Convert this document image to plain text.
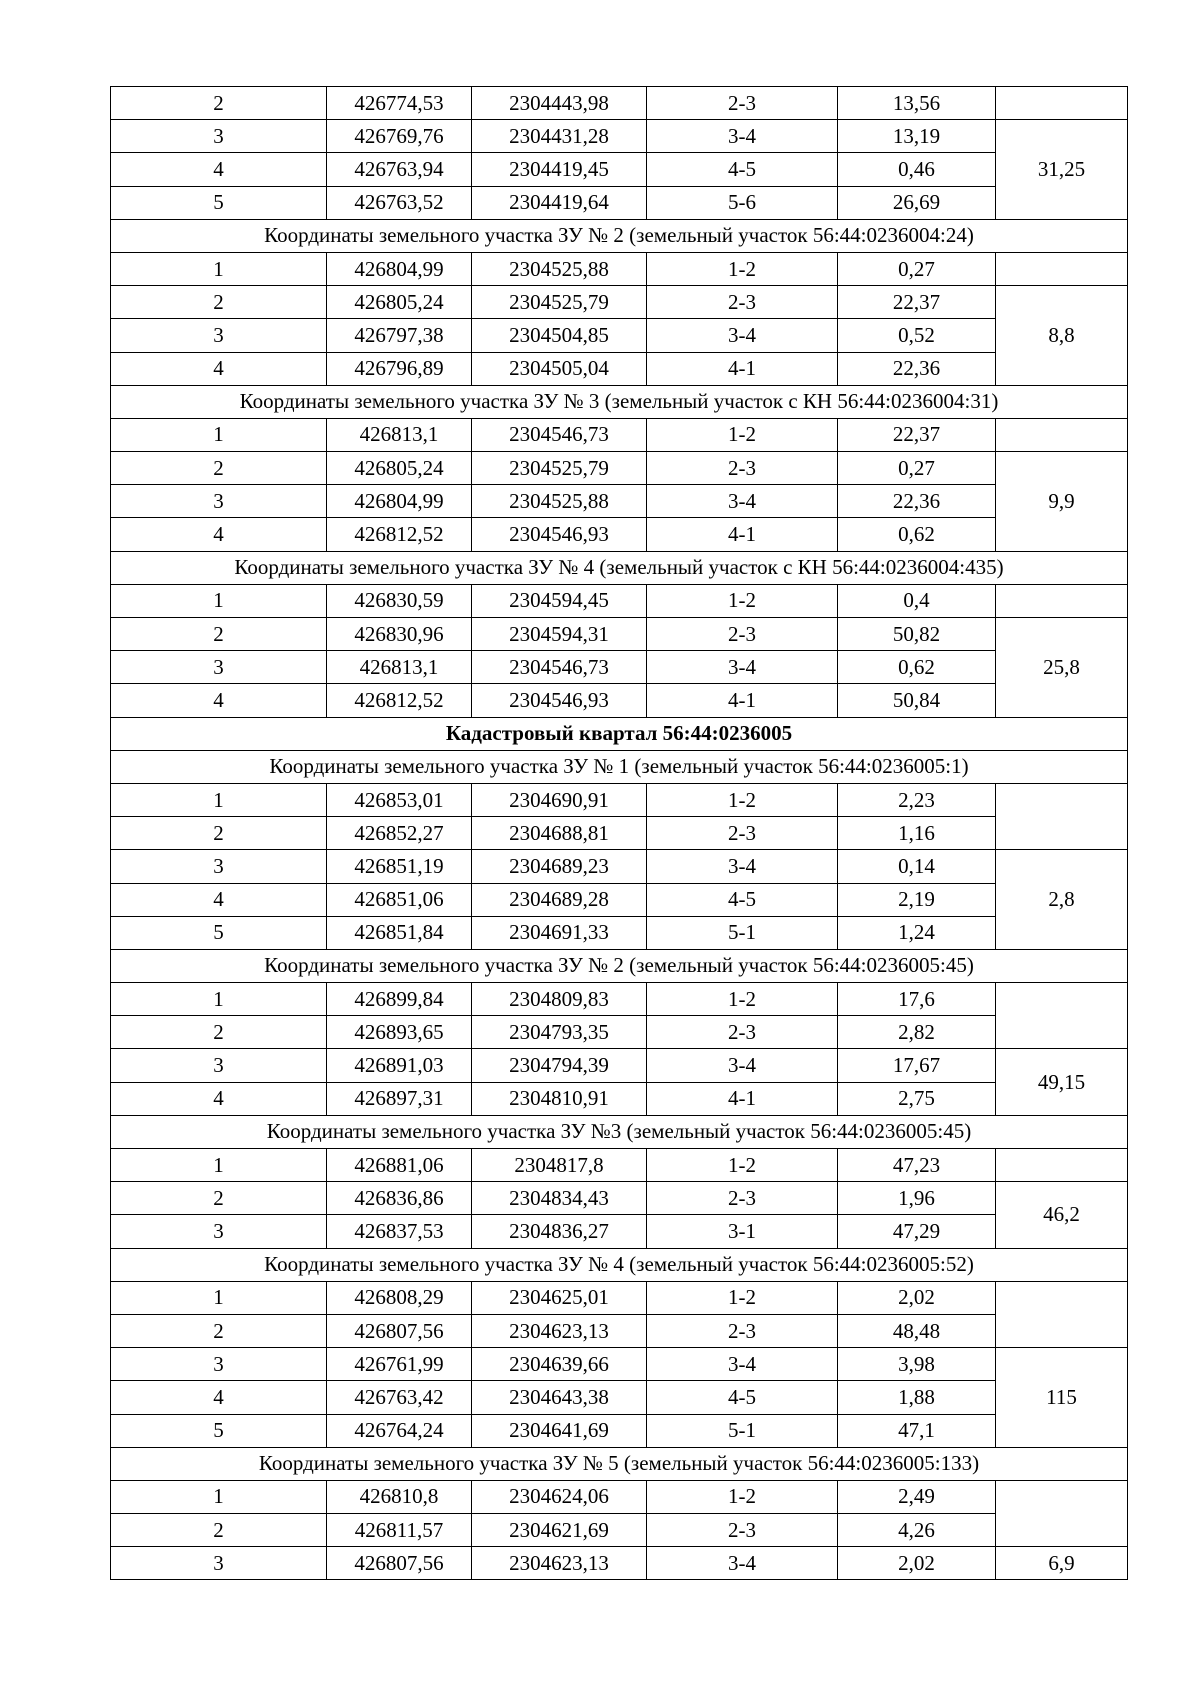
2	426774,53	2304443,98	2-3	13,56	
3	426769,76	2304431,28	3-4	13,19	31,25
4	426763,94	2304419,45	4-5	0,46	
5	426763,52	2304419,64	5-6	26,69	
Координаты земельного участка ЗУ № 2 (земельный участок 56:44:0236004:24)					
1	426804,99	2304525,88	1-2	0,27	
2	426805,24	2304525,79	2-3	22,37	8,8
3	426797,38	2304504,85	3-4	0,52	
4	426796,89	2304505,04	4-1	22,36	
Координаты земельного участка ЗУ № 3 (земельный участок с КН 56:44:0236004:31)					
1	426813,1	2304546,73	1-2	22,37	
2	426805,24	2304525,79	2-3	0,27	9,9
3	426804,99	2304525,88	3-4	22,36	
4	426812,52	2304546,93	4-1	0,62	
Координаты земельного участка ЗУ № 4 (земельный участок с КН 56:44:0236004:435)					
1	426830,59	2304594,45	1-2	0,4	
2	426830,96	2304594,31	2-3	50,82	25,8
3	426813,1	2304546,73	3-4	0,62	
4	426812,52	2304546,93	4-1	50,84	
Кадастровый квартал 56:44:0236005					
Координаты земельного участка ЗУ № 1 (земельный участок 56:44:0236005:1)					
1	426853,01	2304690,91	1-2	2,23	
2	426852,27	2304688,81	2-3	1,16	
3	426851,19	2304689,23	3-4	0,14	2,8
4	426851,06	2304689,28	4-5	2,19	
5	426851,84	2304691,33	5-1	1,24	
Координаты земельного участка ЗУ № 2 (земельный участок 56:44:0236005:45)					
1	426899,84	2304809,83	1-2	17,6	
2	426893,65	2304793,35	2-3	2,82	
3	426891,03	2304794,39	3-4	17,67	49,15
4	426897,31	2304810,91	4-1	2,75	
Координаты земельного участка ЗУ №3 (земельный участок 56:44:0236005:45)					
1	426881,06	2304817,8	1-2	47,23	
2	426836,86	2304834,43	2-3	1,96	46,2
3	426837,53	2304836,27	3-1	47,29	
Координаты земельного участка ЗУ № 4 (земельный участок 56:44:0236005:52)					
1	426808,29	2304625,01	1-2	2,02	
2	426807,56	2304623,13	2-3	48,48	
3	426761,99	2304639,66	3-4	3,98	115
4	426763,42	2304643,38	4-5	1,88	
5	426764,24	2304641,69	5-1	47,1	
Координаты земельного участка ЗУ № 5 (земельный участок 56:44:0236005:133)					
1	426810,8	2304624,06	1-2	2,49	
2	426811,57	2304621,69	2-3	4,26	
3	426807,56	2304623,13	3-4	2,02	6,9
